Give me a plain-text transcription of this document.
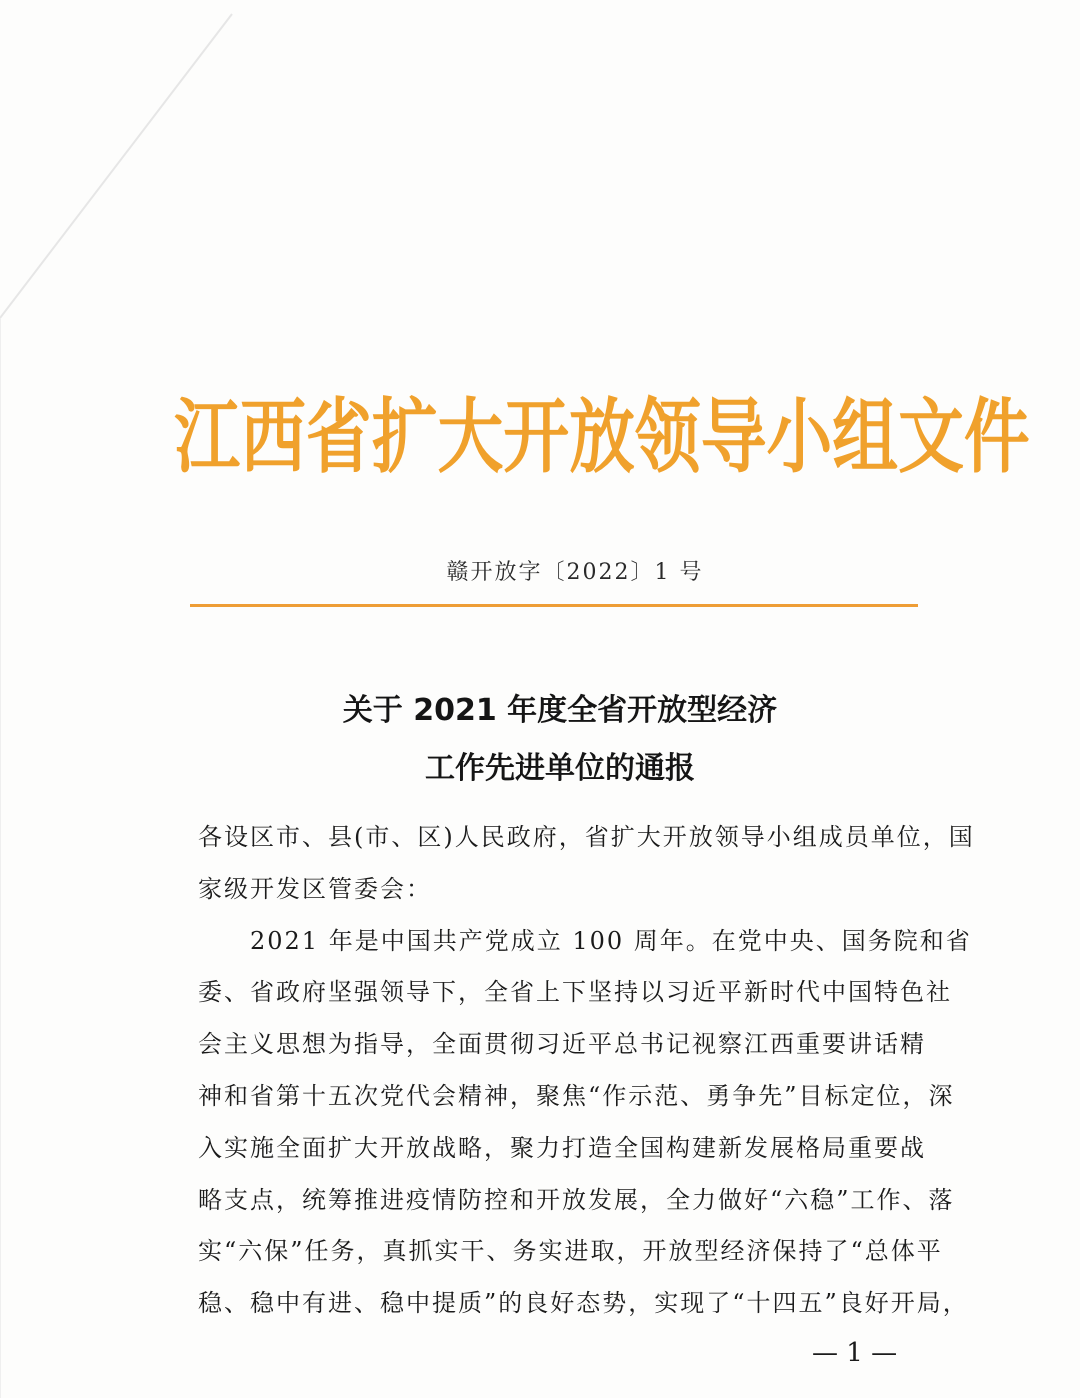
江西省扩大开放领导小组文件
赣开放字〔2022〕1 号
关于 2021 年度全省开放型经济
工作先进单位的通报
各设区市、县(市、区)人民政府，省扩大开放领导小组成员单位，国
家级开发区管委会：
2021 年是中国共产党成立 100 周年。在党中央、国务院和省
委、省政府坚强领导下，全省上下坚持以习近平新时代中国特色社
会主义思想为指导，全面贯彻习近平总书记视察江西重要讲话精
神和省第十五次党代会精神，聚焦“作示范、勇争先”目标定位，深
入实施全面扩大开放战略，聚力打造全国构建新发展格局重要战
略支点，统筹推进疫情防控和开放发展，全力做好“六稳”工作、落
实“六保”任务，真抓实干、务实进取，开放型经济保持了“总体平
稳、稳中有进、稳中提质”的良好态势，实现了“十四五”良好开局，
— 1 —
